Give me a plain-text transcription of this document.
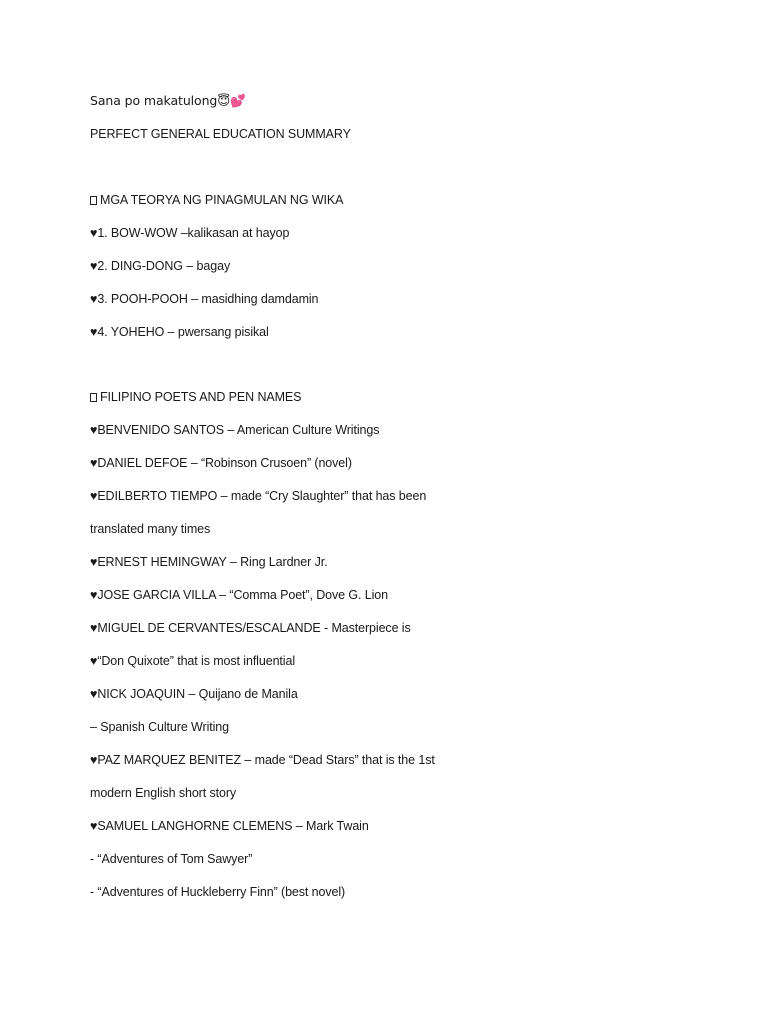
Sana po makatulong😇💕
PERFECT GENERAL EDUCATION SUMMARY
MGA TEORYA NG PINAGMULAN NG WIKA
♥1. BOW-WOW –kalikasan at hayop
♥2. DING-DONG – bagay
♥3. POOH-POOH – masidhing damdamin
♥4. YOHEHO – pwersang pisikal
FILIPINO POETS AND PEN NAMES
♥BENVENIDO SANTOS – American Culture Writings
♥DANIEL DEFOE – “Robinson Crusoen” (novel)
♥EDILBERTO TIEMPO – made “Cry Slaughter” that has been
translated many times
♥ERNEST HEMINGWAY – Ring Lardner Jr.
♥JOSE GARCIA VILLA – “Comma Poet”, Dove G. Lion
♥MIGUEL DE CERVANTES/ESCALANDE - Masterpiece is
♥“Don Quixote” that is most influential
♥NICK JOAQUIN – Quijano de Manila
– Spanish Culture Writing
♥PAZ MARQUEZ BENITEZ – made “Dead Stars” that is the 1st
modern English short story
♥SAMUEL LANGHORNE CLEMENS – Mark Twain
- “Adventures of Tom Sawyer”
- “Adventures of Huckleberry Finn” (best novel)
